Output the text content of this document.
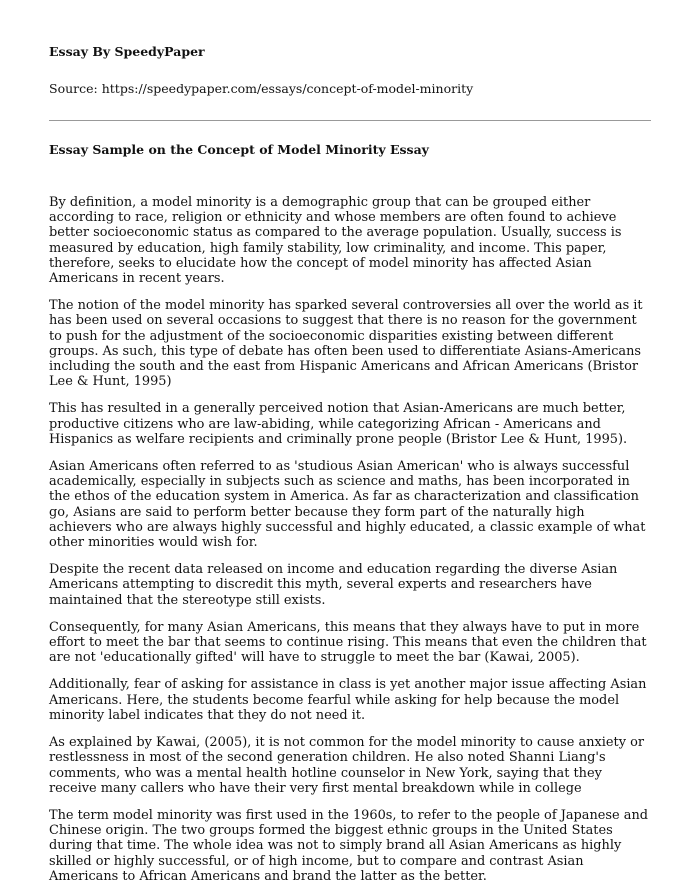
Essay By SpeedyPaper

Source: https://speedypaper.com/essays/concept-of-model-minority

Essay Sample on the Concept of Model Minority Essay

By definition, a model minority is a demographic group that can be grouped either according to race, religion or ethnicity and whose members are often found to achieve better socioeconomic status as compared to the average population. Usually, success is measured by education, high family stability, low criminality, and income. This paper, therefore, seeks to elucidate how the concept of model minority has affected Asian Americans in recent years.

The notion of the model minority has sparked several controversies all over the world as it has been used on several occasions to suggest that there is no reason for the government to push for the adjustment of the socioeconomic disparities existing between different groups. As such, this type of debate has often been used to differentiate Asians-Americans including the south and the east from Hispanic Americans and African Americans (Bristor Lee & Hunt, 1995)

This has resulted in a generally perceived notion that Asian-Americans are much better, productive citizens who are law-abiding, while categorizing African - Americans and Hispanics as welfare recipients and criminally prone people (Bristor Lee & Hunt, 1995).

Asian Americans often referred to as 'studious Asian American' who is always successful academically, especially in subjects such as science and maths, has been incorporated in the ethos of the education system in America. As far as characterization and classification go, Asians are said to perform better because they form part of the naturally high achievers who are always highly successful and highly educated, a classic example of what other minorities would wish for.

Despite the recent data released on income and education regarding the diverse Asian Americans attempting to discredit this myth, several experts and researchers have maintained that the stereotype still exists.

Consequently, for many Asian Americans, this means that they always have to put in more effort to meet the bar that seems to continue rising. This means that even the children that are not 'educationally gifted' will have to struggle to meet the bar (Kawai, 2005).

Additionally, fear of asking for assistance in class is yet another major issue affecting Asian Americans. Here, the students become fearful while asking for help because the model minority label indicates that they do not need it.

As explained by Kawai, (2005), it is not common for the model minority to cause anxiety or restlessness in most of the second generation children. He also noted Shanni Liang's comments, who was a mental health hotline counselor in New York, saying that they receive many callers who have their very first mental breakdown while in college

The term model minority was first used in the 1960s, to refer to the people of Japanese and Chinese origin. The two groups formed the biggest ethnic groups in the United States during that time. The whole idea was not to simply brand all Asian Americans as highly skilled or highly successful, or of high income, but to compare and contrast Asian Americans to African Americans and brand the latter as the better.
